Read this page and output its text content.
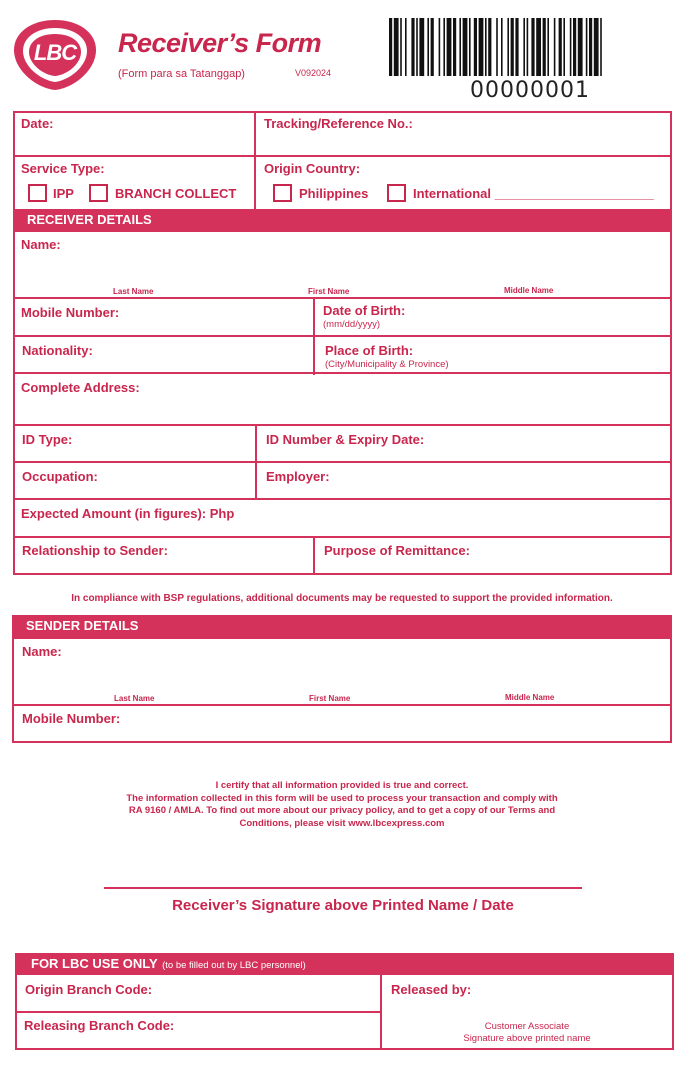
LBC	Receiver’s Form
(Form para sa Tatanggap)	V092024
00000001
Date:	Tracking/Reference No.:
Service Type:
IPP	BRANCH COLLECT
Origin Country:
Philippines	International ______________________
RECEIVER DETAILS
Name:
Last Name	First Name	Middle Name
Mobile Number:	Date of Birth:
(mm/dd/yyyy)
Nationality:	Place of Birth:
(City/Municipality & Province)
Complete Address:
ID Type:	ID Number & Expiry Date:
Occupation:	Employer:
Expected Amount (in figures): Php
Relationship to Sender:	Purpose of Remittance:
In compliance with BSP regulations, additional documents may be requested to support the provided information.
SENDER DETAILS
Name:
Last Name	First Name	Middle Name
Mobile Number:
I certify that all information provided is true and correct.
The information collected in this form will be used to process your transaction and comply with
RA 9160 / AMLA. To find out more about our privacy policy, and to get a copy of our Terms and
Conditions, please visit www.lbcexpress.com
Receiver’s Signature above Printed Name / Date
FOR LBC USE ONLY (to be filled out by LBC personnel)
Origin Branch Code:
Releasing Branch Code:
Released by:
Customer Associate
Signature above printed name
